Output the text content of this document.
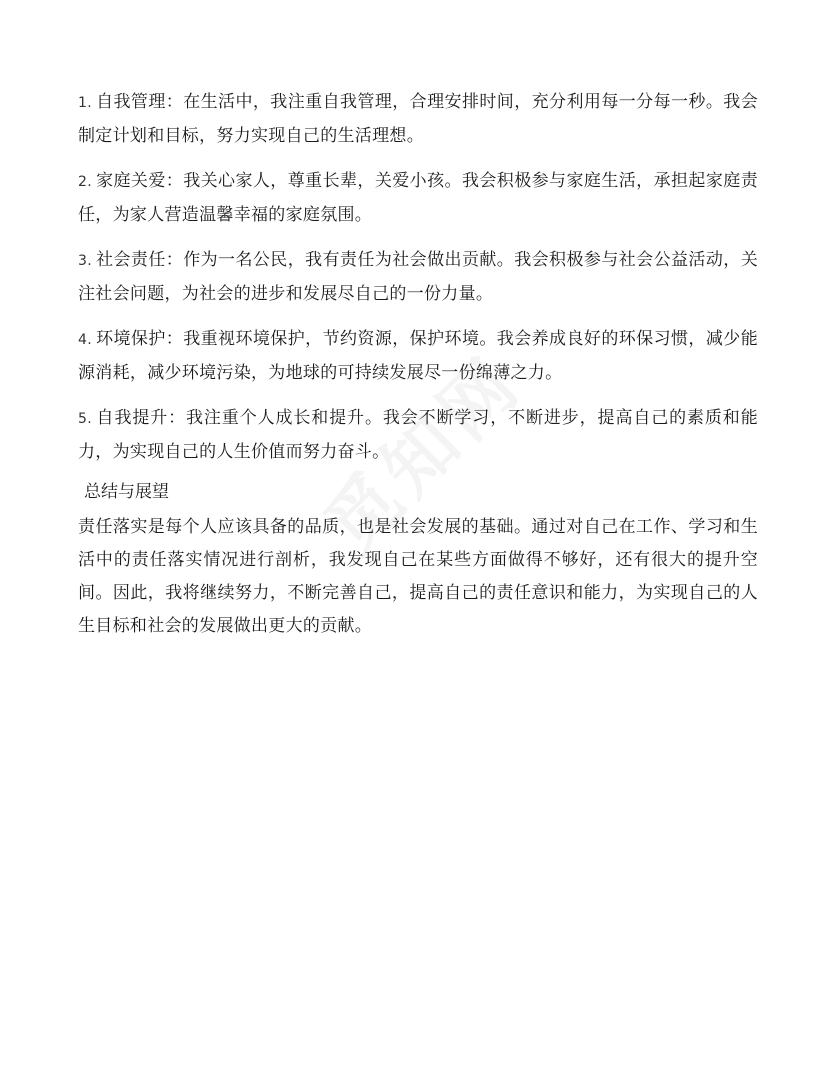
1. 自我管理：在生活中，我注重自我管理，合理安排时间，充分利用每一分每一秒。我会制定计划和目标，努力实现自己的生活理想。

2. 家庭关爱：我关心家人，尊重长辈，关爱小孩。我会积极参与家庭生活，承担起家庭责任，为家人营造温馨幸福的家庭氛围。

3. 社会责任：作为一名公民，我有责任为社会做出贡献。我会积极参与社会公益活动，关注社会问题，为社会的进步和发展尽自己的一份力量。

4. 环境保护：我重视环境保护，节约资源，保护环境。我会养成良好的环保习惯，减少能源消耗，减少环境污染，为地球的可持续发展尽一份绵薄之力。

5. 自我提升：我注重个人成长和提升。我会不断学习，不断进步，提高自己的素质和能力，为实现自己的人生价值而努力奋斗。

总结与展望

责任落实是每个人应该具备的品质，也是社会发展的基础。通过对自己在工作、学习和生活中的责任落实情况进行剖析，我发现自己在某些方面做得不够好，还有很大的提升空间。因此，我将继续努力，不断完善自己，提高自己的责任意识和能力，为实现自己的人生目标和社会的发展做出更大的贡献。
